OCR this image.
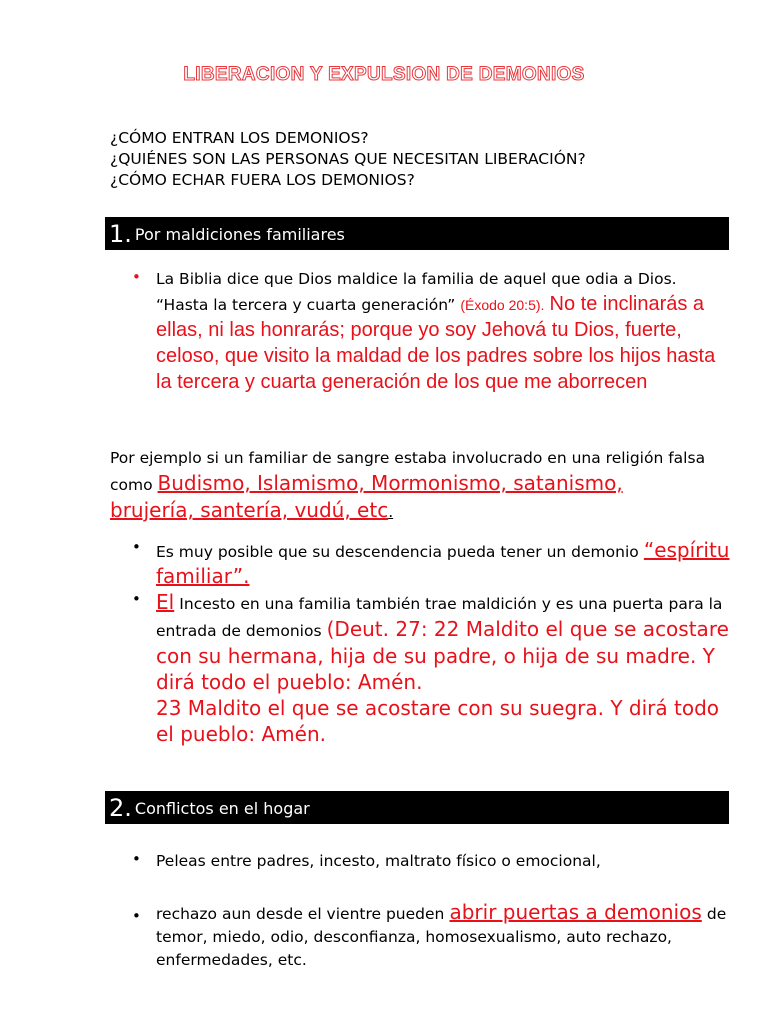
LIBERACION Y EXPULSION DE DEMONIOS
¿CÓMO ENTRAN LOS DEMONIOS?
¿QUIÉNES SON LAS PERSONAS QUE NECESITAN LIBERACIÓN?
¿CÓMO ECHAR FUERA LOS DEMONIOS?
1. Por maldiciones familiares
• La Biblia dice que Dios maldice la familia de aquel que odia a Dios. “Hasta la tercera y cuarta generación” (Éxodo 20:5). No te inclinarás a ellas, ni las honrarás; porque yo soy Jehová tu Dios, fuerte, celoso, que visito la maldad de los padres sobre los hijos hasta la tercera y cuarta generación de los que me aborrecen
Por ejemplo si un familiar de sangre estaba involucrado en una religión falsa como Budismo, Islamismo, Mormonismo, satanismo, brujería, santería, vudú, etc.
• Es muy posible que su descendencia pueda tener un demonio “espíritu familiar”.
• El Incesto en una familia también trae maldición y es una puerta para la entrada de demonios (Deut. 27: 22 Maldito el que se acostare con su hermana, hija de su padre, o hija de su madre. Y dirá todo el pueblo: Amén.
23 Maldito el que se acostare con su suegra. Y dirá todo el pueblo: Amén.
2. Conflictos en el hogar
• Peleas entre padres, incesto, maltrato físico o emocional,
• rechazo aun desde el vientre pueden abrir puertas a demonios de temor, miedo, odio, desconfianza, homosexualismo, auto rechazo, enfermedades, etc.
